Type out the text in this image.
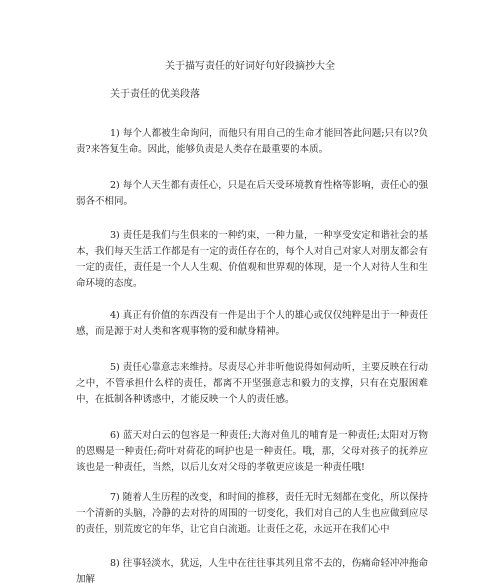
关于描写责任的好词好句好段摘抄大全
关于责任的优美段落

1) 每个人都被生命询问，而他只有用自己的生命才能回答此问题;只有以?负责?来答复生命。因此，能够负责是人类存在最重要的本质。

2) 每个人天生都有责任心，只是在后天受环境教育性格等影响，责任心的强弱各不相同。

3) 责任是我们与生俱来的一种约束，一种力量，一种享受安定和谐社会的基本，我们每天生活工作都是有一定的责任存在的，每个人对自己对家人对朋友都会有一定的责任，责任是一个人人生观、价值观和世界观的体现，是一个人对待人生和生命环境的态度。

4) 真正有价值的东西没有一件是出于个人的雄心或仅仅纯粹是出于一种责任感，而是源于对人类和客观事物的爱和献身精神。

5) 责任心靠意志来维持。尽责尽心并非听他说得如何动听，主要反映在行动之中，不管承担什么样的责任，都离不开坚强意志和毅力的支撑，只有在克服困难中，在抵制各种诱惑中，才能反映一个人的责任感。

6) 蓝天对白云的包容是一种责任;大海对鱼儿的哺育是一种责任;太阳对万物的恩赐是一种责任;荷叶对荷花的呵护也是一种责任。哦，那，父母对孩子的抚养应该也是一种责任，当然，以后儿女对父母的孝敬更应该是一种责任哦!

7) 随着人生历程的改变，和时间的推移，责任无时无刻都在变化，所以保持一个清新的头脑，冷静的去对待的周围的一切变化，我们对自己的人生也应做到应尽的责任，别荒废它的年华，让它自白流逝。让责任之花，永远开在我们心中

8) 往事轻淡水，犹远，人生中在往往事其列且常不去的，伤痛命轻冲冲拖命加解
